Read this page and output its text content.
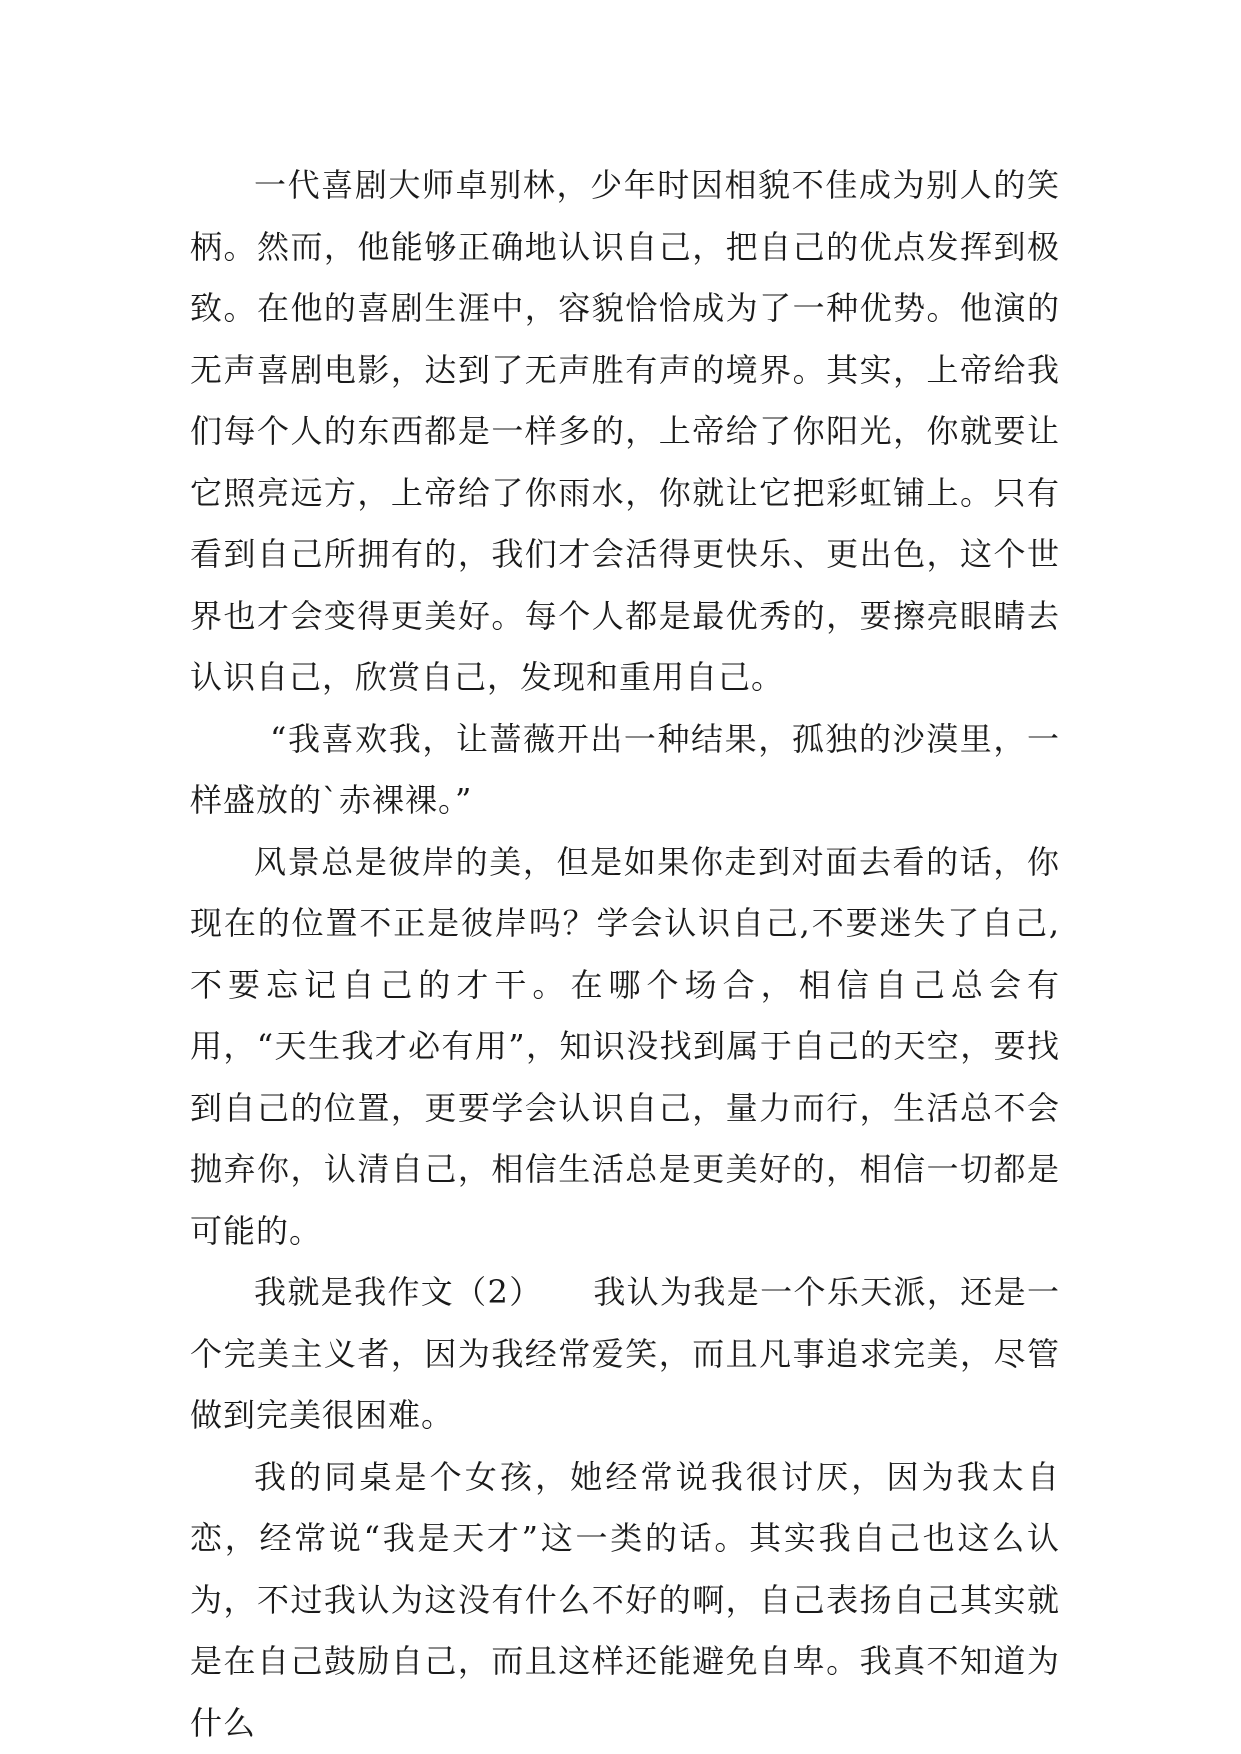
一代喜剧大师卓别林，少年时因相貌不佳成为别人的笑柄。然而，他能够正确地认识自己，把自己的优点发挥到极致。在他的喜剧生涯中，容貌恰恰成为了一种优势。他演的无声喜剧电影，达到了无声胜有声的境界。其实，上帝给我们每个人的东西都是一样多的，上帝给了你阳光，你就要让它照亮远方，上帝给了你雨水，你就让它把彩虹铺上。只有看到自己所拥有的，我们才会活得更快乐、更出色，这个世界也才会变得更美好。每个人都是最优秀的，要擦亮眼睛去认识自己，欣赏自己，发现和重用自己。

“我喜欢我，让蔷薇开出一种结果，孤独的沙漠里，一样盛放的`赤裸裸。”

风景总是彼岸的美，但是如果你走到对面去看的话，你现在的位置不正是彼岸吗？学会认识自己,不要迷失了自己,不要忘记自己的才干。在哪个场合，相信自己总会有用，“天生我才必有用”，知识没找到属于自己的天空，要找到自己的位置，更要学会认识自己，量力而行，生活总不会抛弃你，认清自己，相信生活总是更美好的，相信一切都是可能的。

我就是我作文（2）　　我认为我是一个乐天派，还是一个完美主义者，因为我经常爱笑，而且凡事追求完美，尽管做到完美很困难。

我的同桌是个女孩，她经常说我很讨厌，因为我太自恋，经常说“我是天才”这一类的话。其实我自己也这么认为，不过我认为这没有什么不好的啊，自己表扬自己其实就是在自己鼓励自己，而且这样还能避免自卑。我真不知道为什么
